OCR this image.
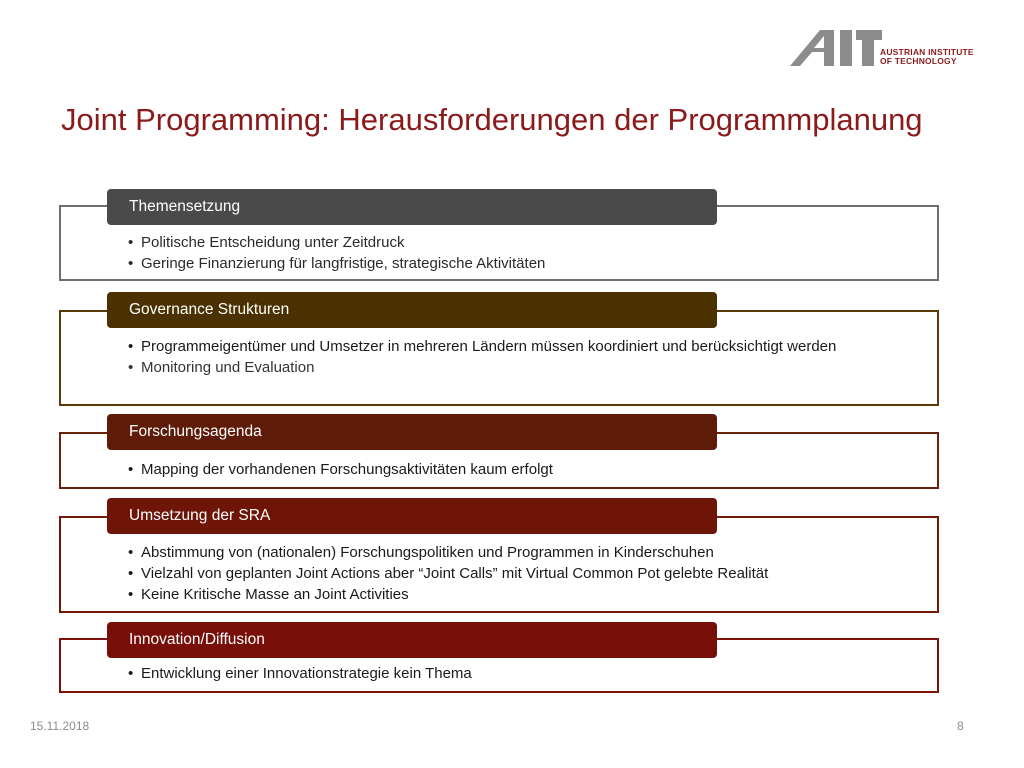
AUSTRIAN INSTITUTE
OF TECHNOLOGY
Joint Programming: Herausforderungen der Programmplanung
Themensetzung
• Politische Entscheidung unter Zeitdruck
• Geringe Finanzierung für langfristige, strategische Aktivitäten
Governance Strukturen
• Programmeigentümer und Umsetzer in mehreren Ländern müssen koordiniert und berücksichtigt werden
• Monitoring und Evaluation
Forschungsagenda
• Mapping der vorhandenen Forschungsaktivitäten kaum erfolgt
Umsetzung der SRA
• Abstimmung von (nationalen) Forschungspolitiken und Programmen in Kinderschuhen
• Vielzahl von geplanten Joint Actions aber “Joint Calls” mit Virtual Common Pot gelebte Realität
• Keine Kritische Masse an Joint Activities
Innovation/Diffusion
• Entwicklung einer Innovationstrategie kein Thema
15.11.2018	8
